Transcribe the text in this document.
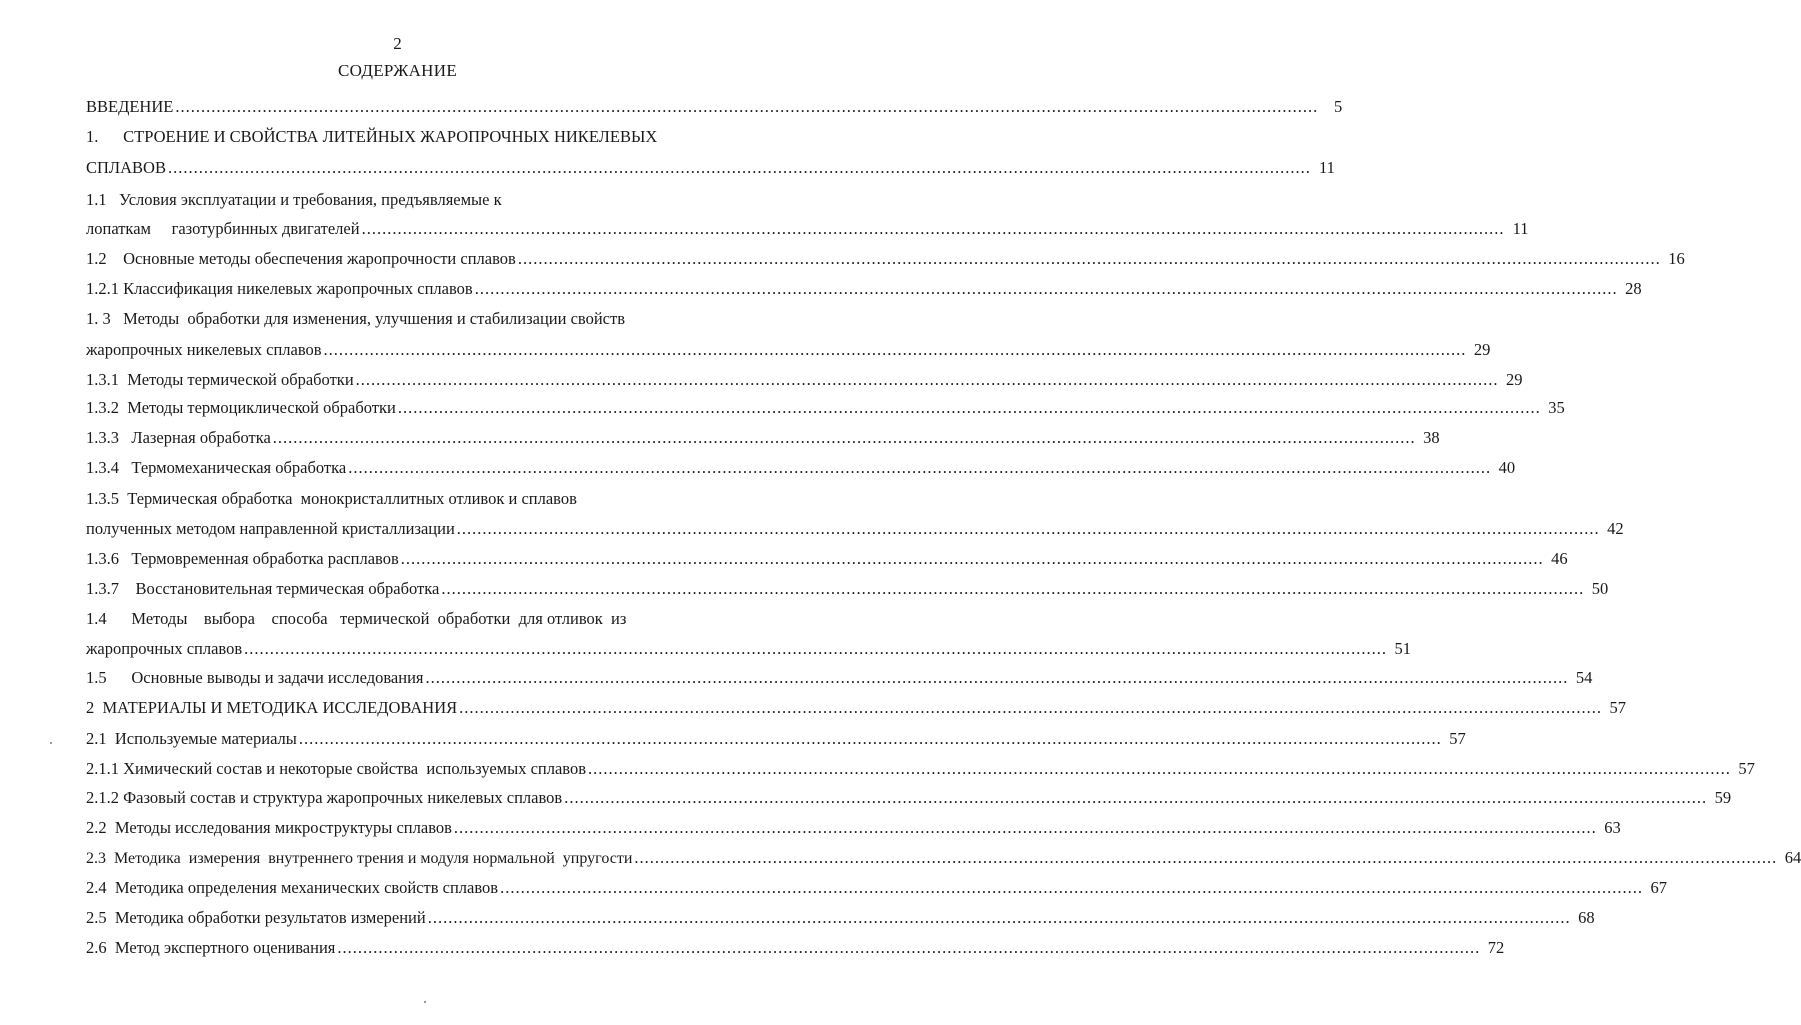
2
СОДЕРЖАНИЕ
ВВЕДЕНИЕ ............................................................................................................................................................................................................................... 5
1.      СТРОЕНИЕ И СВОЙСТВА ЛИТЕЙНЫХ ЖАРОПРОЧНЫХ НИКЕЛЕВЫХ
СПЛАВОВ ............................................................................................................................................................................................................................... 11
1.1   Условия эксплуатации и требования, предъявляемые к
лопаткам     газотурбинных двигателей ............................................................................................................................................................................................................................... 11
1.2    Основные методы обеспечения жаропрочности сплавов ............................................................................................................................................................................................................................... 16
1.2.1 Классификация никелевых жаропрочных сплавов ............................................................................................................................................................................................................................... 28
1. 3   Методы  обработки для изменения, улучшения и стабилизации свойств
жаропрочных никелевых сплавов ............................................................................................................................................................................................................................... 29
1.3.1  Методы термической обработки ............................................................................................................................................................................................................................... 29
1.3.2  Методы термоциклической обработки ............................................................................................................................................................................................................................... 35
1.3.3   Лазерная обработка ............................................................................................................................................................................................................................... 38
1.3.4   Термомеханическая обработка ............................................................................................................................................................................................................................... 40
1.3.5  Термическая обработка  монокристаллитных отливок и сплавов
полученных методом направленной кристаллизации ............................................................................................................................................................................................................................... 42
1.3.6   Термовременная обработка расплавов ............................................................................................................................................................................................................................... 46
1.3.7    Восстановительная термическая обработка ............................................................................................................................................................................................................................... 50
1.4      Методы    выбора    способа   термической  обработки  для отливок  из
жаропрочных сплавов ............................................................................................................................................................................................................................... 51
1.5      Основные выводы и задачи исследования ............................................................................................................................................................................................................................... 54
2  МАТЕРИАЛЫ И МЕТОДИКА ИССЛЕДОВАНИЯ ............................................................................................................................................................................................................................... 57
2.1  Используемые материалы ............................................................................................................................................................................................................................... 57
2.1.1 Химический состав и некоторые свойства  используемых сплавов ............................................................................................................................................................................................................................... 57
2.1.2 Фазовый состав и структура жаропрочных никелевых сплавов ............................................................................................................................................................................................................................... 59
2.2  Методы исследования микроструктуры сплавов ............................................................................................................................................................................................................................... 63
2.3  Методика  измерения  внутреннего трения и модуля нормальной  упругости ............................................................................................................................................................................................................................... 64
2.4  Методика определения механических свойств сплавов ............................................................................................................................................................................................................................... 67
2.5  Методика обработки результатов измерений ............................................................................................................................................................................................................................... 68
2.6  Метод экспертного оценивания ............................................................................................................................................................................................................................... 72
